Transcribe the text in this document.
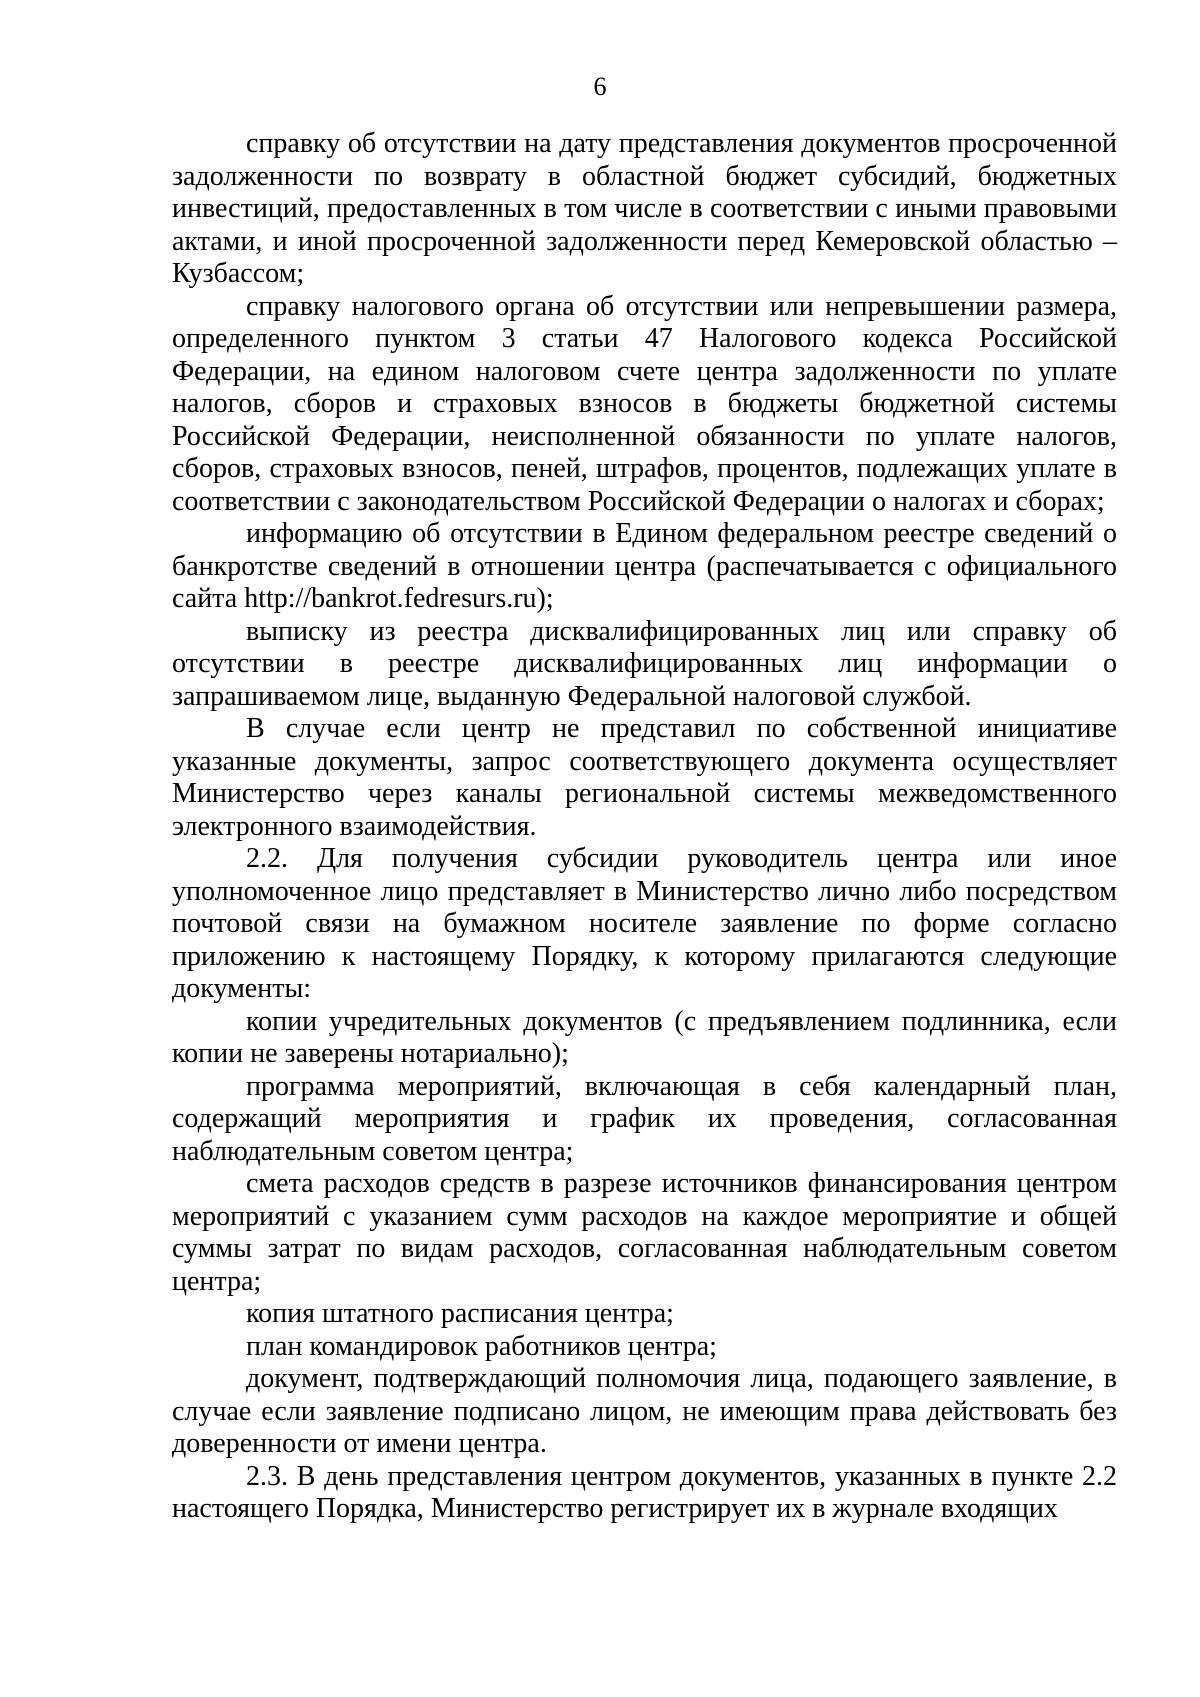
6

справку об отсутствии на дату представления документов просроченной задолженности по возврату в областной бюджет субсидий, бюджетных инвестиций, предоставленных в том числе в соответствии с иными правовыми актами, и иной просроченной задолженности перед Кемеровской областью – Кузбассом;

справку налогового органа об отсутствии или непревышении размера, определенного пунктом 3 статьи 47 Налогового кодекса Российской Федерации, на едином налоговом счете центра задолженности по уплате налогов, сборов и страховых взносов в бюджеты бюджетной системы Российской Федерации, неисполненной обязанности по уплате налогов, сборов, страховых взносов, пеней, штрафов, процентов, подлежащих уплате в соответствии с законодательством Российской Федерации о налогах и сборах;

информацию об отсутствии в Едином федеральном реестре сведений о банкротстве сведений в отношении центра (распечатывается с официального сайта http://bankrot.fedresurs.ru);

выписку из реестра дисквалифицированных лиц или справку об отсутствии в реестре дисквалифицированных лиц информации о запрашиваемом лице, выданную Федеральной налоговой службой.

В случае если центр не представил по собственной инициативе указанные документы, запрос соответствующего документа осуществляет Министерство через каналы региональной системы межведомственного электронного взаимодействия.

2.2. Для получения субсидии руководитель центра или иное уполномоченное лицо представляет в Министерство лично либо посредством почтовой связи на бумажном носителе заявление по форме согласно приложению к настоящему Порядку, к которому прилагаются следующие документы:

копии учредительных документов (с предъявлением подлинника, если копии не заверены нотариально);

программа мероприятий, включающая в себя календарный план, содержащий мероприятия и график их проведения, согласованная наблюдательным советом центра;

смета расходов средств в разрезе источников финансирования центром мероприятий с указанием сумм расходов на каждое мероприятие и общей суммы затрат по видам расходов, согласованная наблюдательным советом центра;

копия штатного расписания центра;

план командировок работников центра;

документ, подтверждающий полномочия лица, подающего заявление, в случае если заявление подписано лицом, не имеющим права действовать без доверенности от имени центра.

2.3. В день представления центром документов, указанных в пункте 2.2 настоящего Порядка, Министерство регистрирует их в журнале входящих
